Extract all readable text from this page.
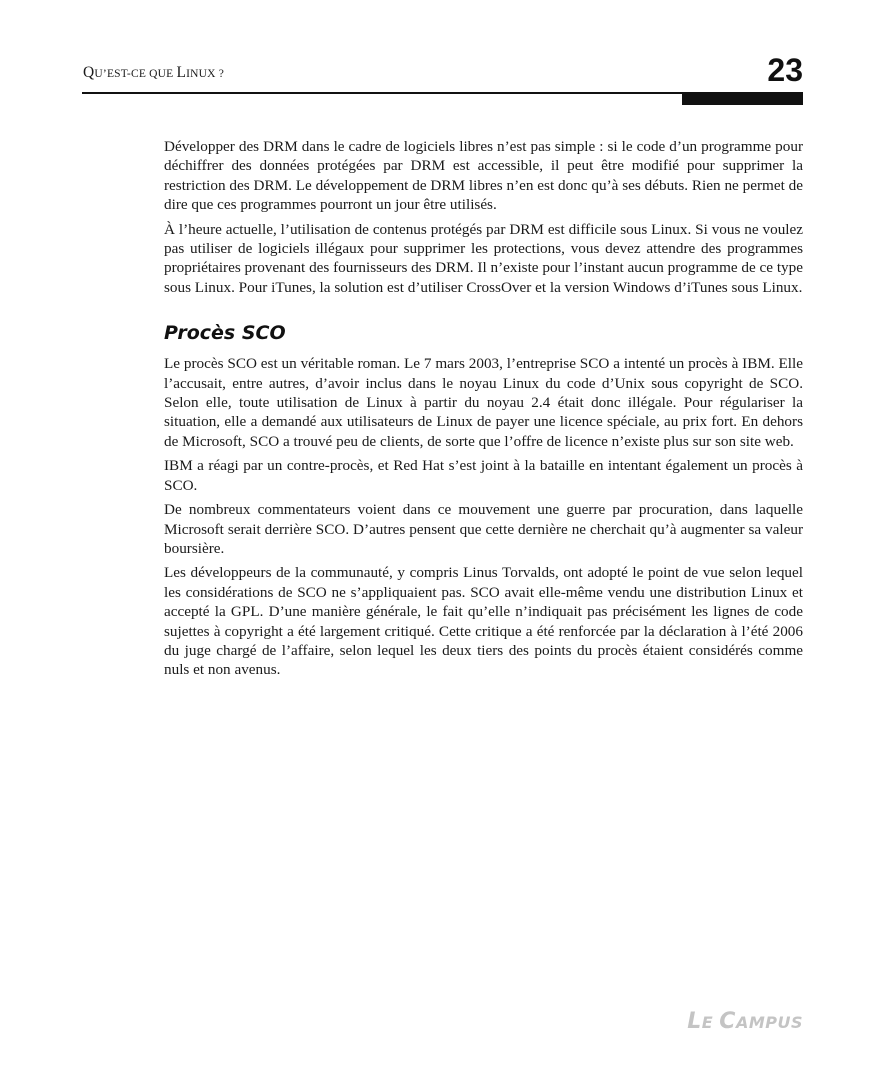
QU’EST-CE QUE LINUX ?	23

Développer des DRM dans le cadre de logiciels libres n’est pas simple : si le code d’un programme pour déchiffrer des données protégées par DRM est accessible, il peut être modifié pour supprimer la restriction des DRM. Le développement de DRM libres n’en est donc qu’à ses débuts. Rien ne permet de dire que ces programmes pourront un jour être utilisés.

À l’heure actuelle, l’utilisation de contenus protégés par DRM est difficile sous Linux. Si vous ne voulez pas utiliser de logiciels illégaux pour supprimer les protections, vous devez attendre des programmes propriétaires provenant des fournisseurs des DRM. Il n’existe pour l’instant aucun programme de ce type sous Linux. Pour iTunes, la solution est d’utiliser CrossOver et la version Windows d’iTunes sous Linux.

Procès SCO

Le procès SCO est un véritable roman. Le 7 mars 2003, l’entreprise SCO a intenté un procès à IBM. Elle l’accusait, entre autres, d’avoir inclus dans le noyau Linux du code d’Unix sous copyright de SCO. Selon elle, toute utilisation de Linux à partir du noyau 2.4 était donc illégale. Pour régulariser la situation, elle a demandé aux utilisateurs de Linux de payer une licence spéciale, au prix fort. En dehors de Microsoft, SCO a trouvé peu de clients, de sorte que l’offre de licence n’existe plus sur son site web.

IBM a réagi par un contre-procès, et Red Hat s’est joint à la bataille en intentant également un procès à SCO.

De nombreux commentateurs voient dans ce mouvement une guerre par procuration, dans laquelle Microsoft serait derrière SCO. D’autres pensent que cette dernière ne cherchait qu’à augmenter sa valeur boursière.

Les développeurs de la communauté, y compris Linus Torvalds, ont adopté le point de vue selon lequel les considérations de SCO ne s’appliquaient pas. SCO avait elle-même vendu une distribution Linux et accepté la GPL. D’une manière générale, le fait qu’elle n’indiquait pas précisément les lignes de code sujettes à copyright a été largement critiqué. Cette critique a été renforcée par la déclaration à l’été 2006 du juge chargé de l’affaire, selon lequel les deux tiers des points du procès étaient considérés comme nuls et non avenus.

LE CAMPUS
